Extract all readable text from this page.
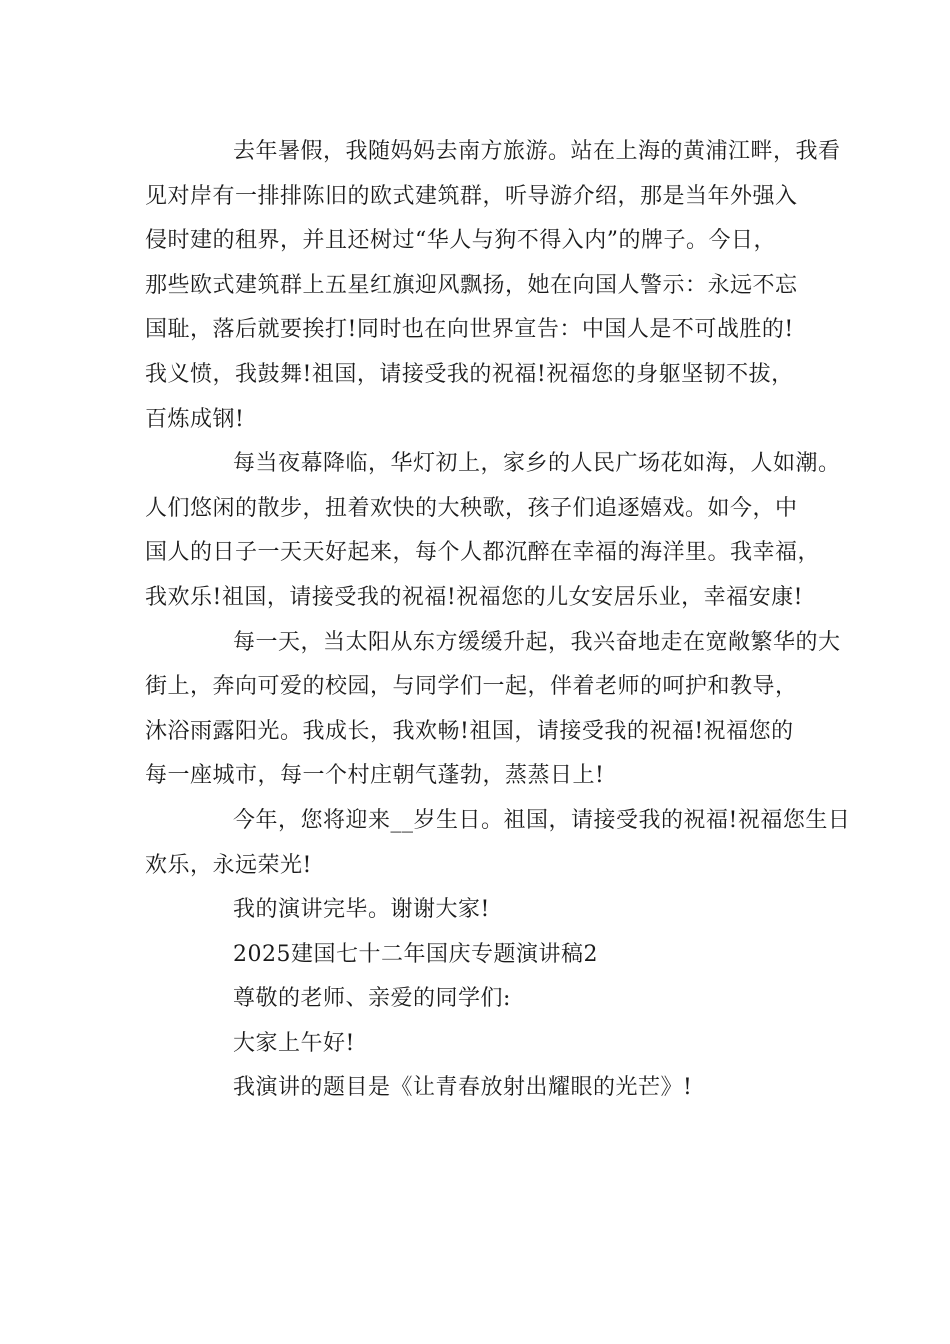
去年暑假，我随妈妈去南方旅游。站在上海的黄浦江畔，我看
见对岸有一排排陈旧的欧式建筑群，听导游介绍，那是当年外强入
侵时建的租界，并且还树过“华人与狗不得入内”的牌子。今日，
那些欧式建筑群上五星红旗迎风飘扬，她在向国人警示：永远不忘
国耻，落后就要挨打!同时也在向世界宣告：中国人是不可战胜的!
我义愤，我鼓舞!祖国，请接受我的祝福!祝福您的身躯坚韧不拔，
百炼成钢!
每当夜幕降临，华灯初上，家乡的人民广场花如海，人如潮。
人们悠闲的散步，扭着欢快的大秧歌，孩子们追逐嬉戏。如今，中
国人的日子一天天好起来，每个人都沉醉在幸福的海洋里。我幸福，
我欢乐!祖国，请接受我的祝福!祝福您的儿女安居乐业，幸福安康!
每一天，当太阳从东方缓缓升起，我兴奋地走在宽敞繁华的大
街上，奔向可爱的校园，与同学们一起，伴着老师的呵护和教导，
沐浴雨露阳光。我成长，我欢畅!祖国，请接受我的祝福!祝福您的
每一座城市，每一个村庄朝气蓬勃，蒸蒸日上!
今年，您将迎来__岁生日。祖国，请接受我的祝福!祝福您生日
欢乐，永远荣光!
我的演讲完毕。谢谢大家!
2025建国七十二年国庆专题演讲稿2
尊敬的老师、亲爱的同学们:
大家上午好!
我演讲的题目是《让青春放射出耀眼的光芒》!
